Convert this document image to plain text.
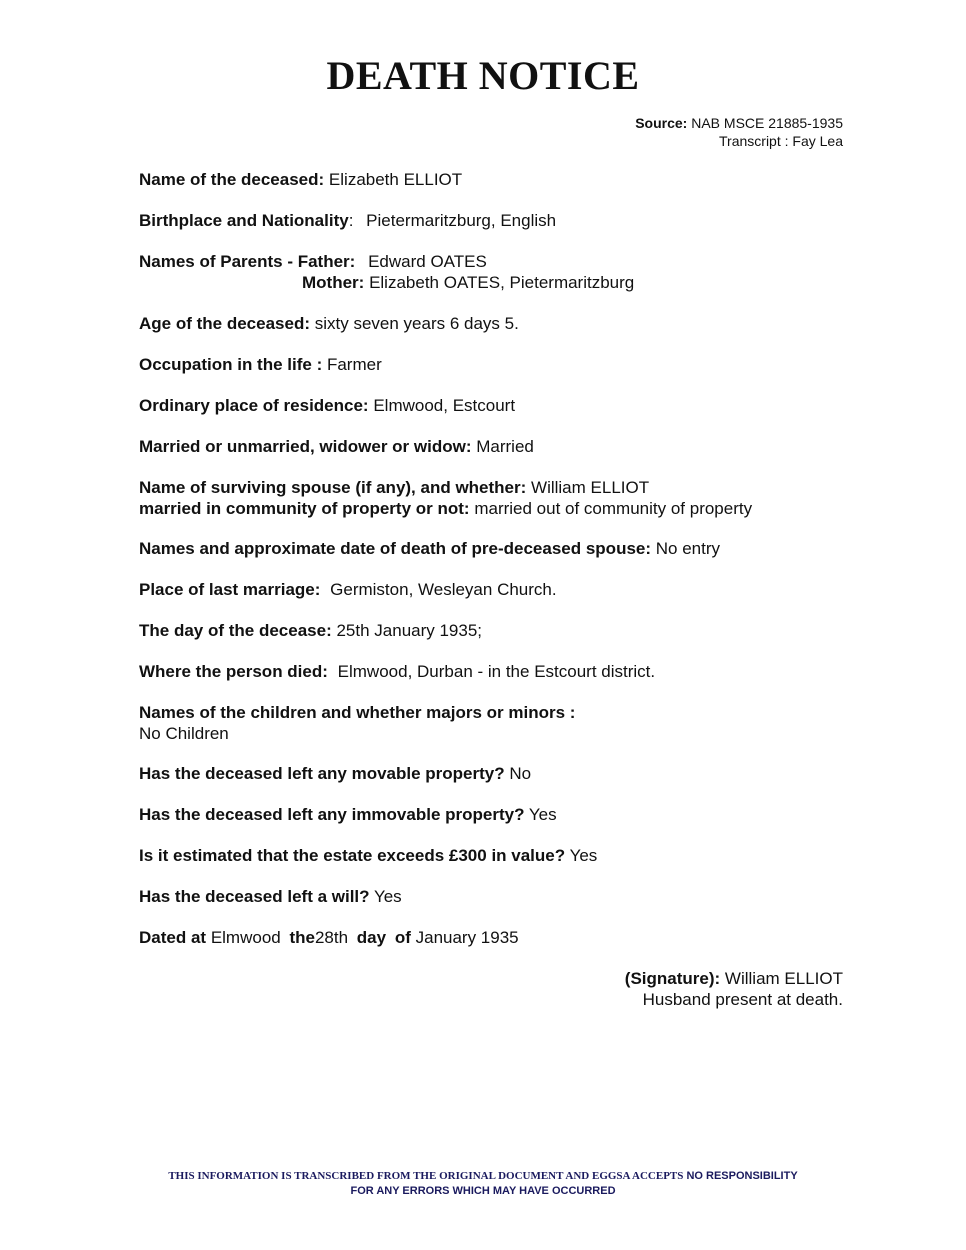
DEATH NOTICE
Source: NAB MSCE 21885-1935
Transcript : Fay Lea
Name of the deceased: Elizabeth ELLIOT
Birthplace and Nationality: Pietermaritzburg, English
Names of Parents - Father: Edward OATES
Mother: Elizabeth OATES, Pietermaritzburg
Age of the deceased: sixty seven years 6 days 5.
Occupation in the life : Farmer
Ordinary place of residence: Elmwood, Estcourt
Married or unmarried, widower or widow: Married
Name of surviving spouse (if any), and whether: William ELLIOT
married in community of property or not: married out of community of property
Names and approximate date of death of pre-deceased spouse: No entry
Place of last marriage: Germiston, Wesleyan Church.
The day of the decease: 25th January 1935;
Where the person died: Elmwood, Durban - in the Estcourt district.
Names of the children and whether majors or minors :
No Children
Has the deceased left any movable property? No
Has the deceased left any immovable property? Yes
Is it estimated that the estate exceeds £300 in value? Yes
Has the deceased left a will? Yes
Dated at Elmwood the28th day of January 1935
(Signature): William ELLIOT
Husband present at death.
THIS INFORMATION IS TRANSCRIBED FROM THE ORIGINAL DOCUMENT AND EGGSA ACCEPTS NO RESPONSIBILITY
FOR ANY ERRORS WHICH MAY HAVE OCCURRED
